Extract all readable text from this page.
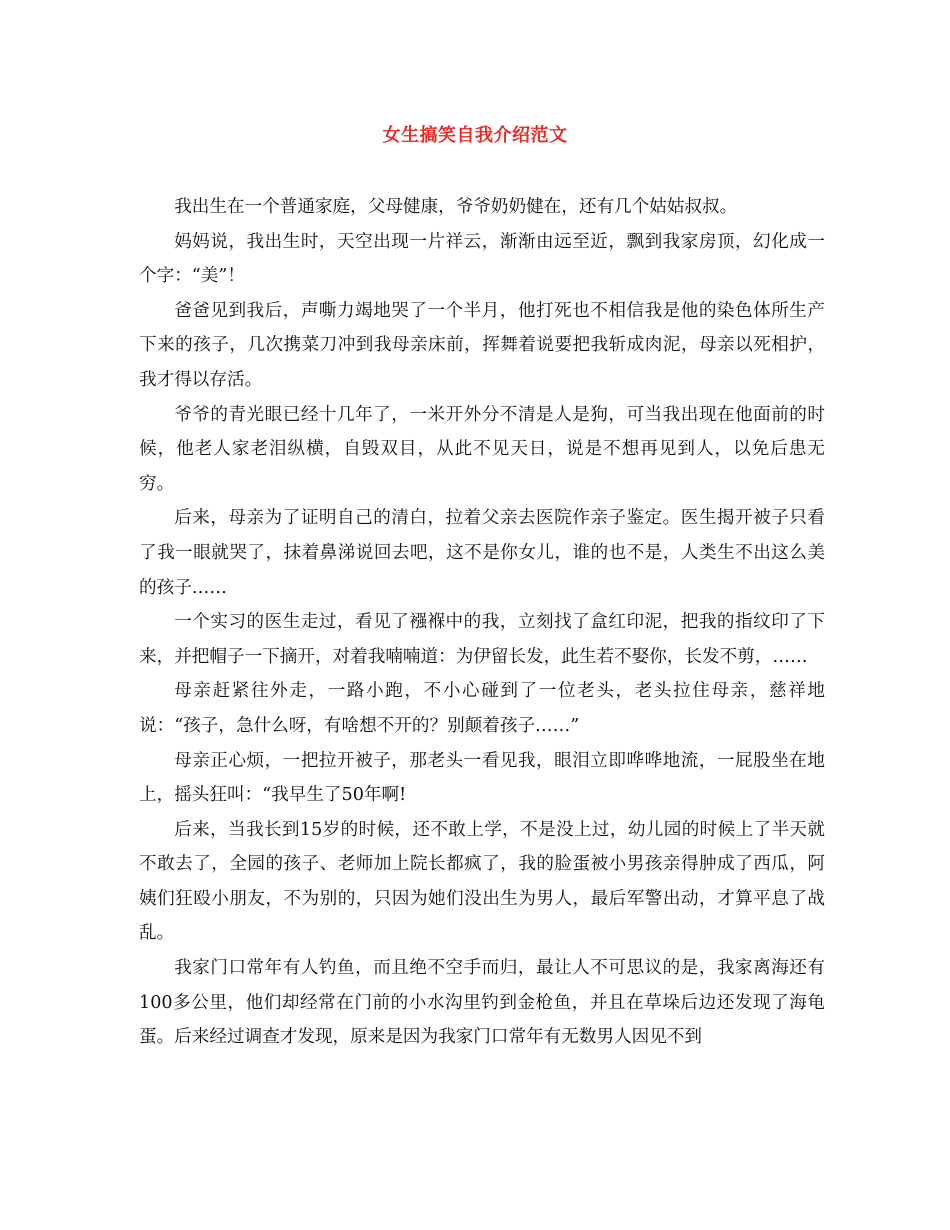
女生搞笑自我介绍范文

我出生在一个普通家庭，父母健康，爷爷奶奶健在，还有几个姑姑叔叔。

妈妈说，我出生时，天空出现一片祥云，渐渐由远至近，飘到我家房顶，幻化成一个字：“美”！

爸爸见到我后，声嘶力竭地哭了一个半月，他打死也不相信我是他的染色体所生产下来的孩子，几次携菜刀冲到我母亲床前，挥舞着说要把我斩成肉泥，母亲以死相护，我才得以存活。

爷爷的青光眼已经十几年了，一米开外分不清是人是狗，可当我出现在他面前的时候，他老人家老泪纵横，自毁双目，从此不见天日，说是不想再见到人，以免后患无穷。

后来，母亲为了证明自己的清白，拉着父亲去医院作亲子鉴定。医生揭开被子只看了我一眼就哭了，抹着鼻涕说回去吧，这不是你女儿，谁的也不是，人类生不出这么美的孩子……

一个实习的医生走过，看见了襁褓中的我，立刻找了盒红印泥，把我的指纹印了下来，并把帽子一下摘开，对着我喃喃道：为伊留长发，此生若不娶你，长发不剪，……

母亲赶紧往外走，一路小跑，不小心碰到了一位老头，老头拉住母亲，慈祥地说：“孩子，急什么呀，有啥想不开的？别颠着孩子……”

母亲正心烦，一把拉开被子，那老头一看见我，眼泪立即哗哗地流，一屁股坐在地上，摇头狂叫：“我早生了50年啊!

后来，当我长到15岁的时候，还不敢上学，不是没上过，幼儿园的时候上了半天就不敢去了，全园的孩子、老师加上院长都疯了，我的脸蛋被小男孩亲得肿成了西瓜，阿姨们狂殴小朋友，不为别的，只因为她们没出生为男人，最后军警出动，才算平息了战乱。

我家门口常年有人钓鱼，而且绝不空手而归，最让人不可思议的是，我家离海还有100多公里，他们却经常在门前的小水沟里钓到金枪鱼，并且在草垛后边还发现了海龟蛋。后来经过调查才发现，原来是因为我家门口常年有无数男人因见不到
